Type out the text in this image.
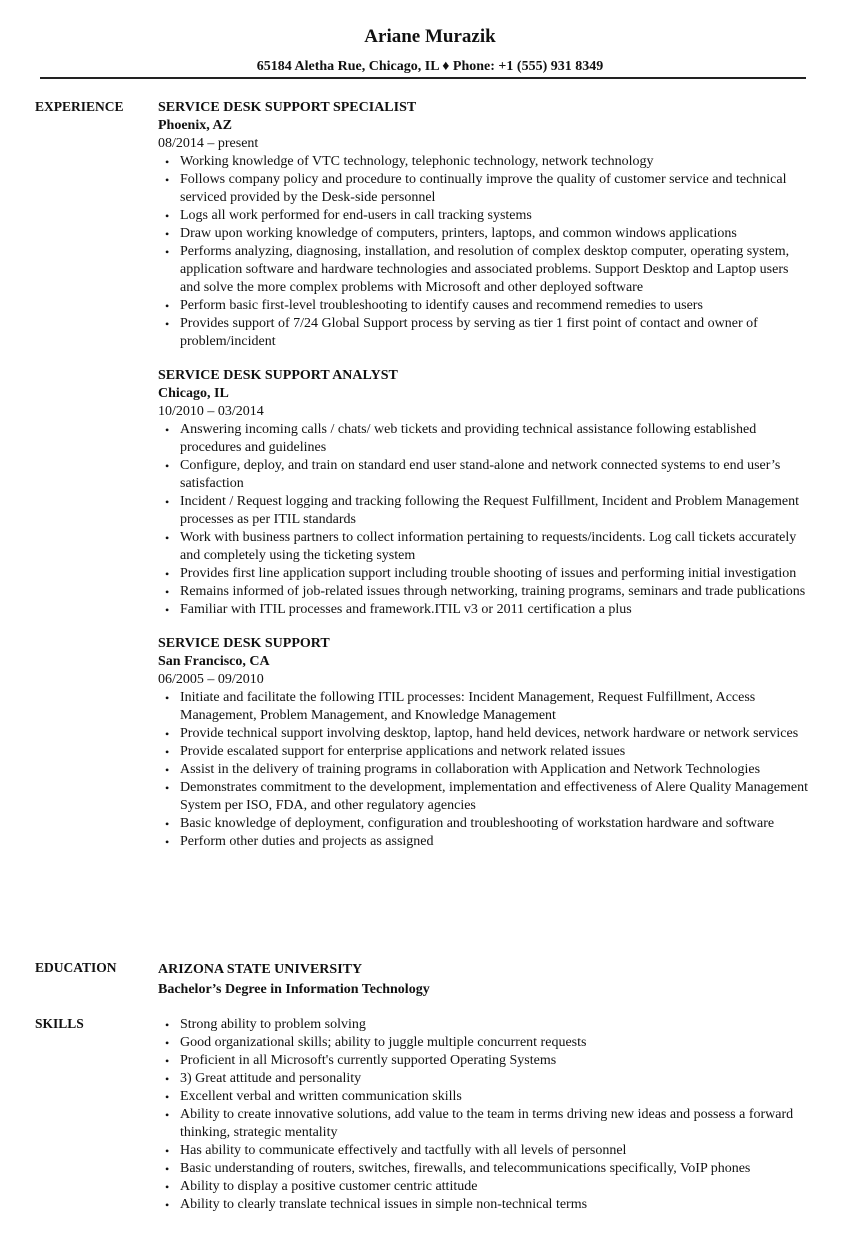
Ariane Murazik
65184 Aletha Rue, Chicago, IL ♦ Phone: +1 (555) 931 8349
EXPERIENCE SERVICE DESK SUPPORT SPECIALIST
Phoenix, AZ
08/2014 – present
• Working knowledge of VTC technology, telephonic technology, network technology
• Follows company policy and procedure to continually improve the quality of customer service and technical serviced provided by the Desk-side personnel
• Logs all work performed for end-users in call tracking systems
• Draw upon working knowledge of computers, printers, laptops, and common windows applications
• Performs analyzing, diagnosing, installation, and resolution of complex desktop computer, operating system, application software and hardware technologies and associated problems. Support Desktop and Laptop users and solve the more complex problems with Microsoft and other deployed software
• Perform basic first-level troubleshooting to identify causes and recommend remedies to users
• Provides support of 7/24 Global Support process by serving as tier 1 first point of contact and owner of problem/incident
SERVICE DESK SUPPORT ANALYST
Chicago, IL
10/2010 – 03/2014
• Answering incoming calls / chats/ web tickets and providing technical assistance following established procedures and guidelines
• Configure, deploy, and train on standard end user stand-alone and network connected systems to end user’s satisfaction
• Incident / Request logging and tracking following the Request Fulfillment, Incident and Problem Management processes as per ITIL standards
• Work with business partners to collect information pertaining to requests/incidents. Log call tickets accurately and completely using the ticketing system
• Provides first line application support including trouble shooting of issues and performing initial investigation
• Remains informed of job-related issues through networking, training programs, seminars and trade publications
• Familiar with ITIL processes and framework.ITIL v3 or 2011 certification a plus
SERVICE DESK SUPPORT
San Francisco, CA
06/2005 – 09/2010
• Initiate and facilitate the following ITIL processes: Incident Management, Request Fulfillment, Access Management, Problem Management, and Knowledge Management
• Provide technical support involving desktop, laptop, hand held devices, network hardware or network services
• Provide escalated support for enterprise applications and network related issues
• Assist in the delivery of training programs in collaboration with Application and Network Technologies
• Demonstrates commitment to the development, implementation and effectiveness of Alere Quality Management System per ISO, FDA, and other regulatory agencies
• Basic knowledge of deployment, configuration and troubleshooting of workstation hardware and software
• Perform other duties and projects as assigned
EDUCATION	ARIZONA STATE UNIVERSITY
Bachelor’s Degree in Information Technology
SKILLS	• Strong ability to problem solving
• Good organizational skills; ability to juggle multiple concurrent requests
• Proficient in all Microsoft's currently supported Operating Systems
• 3) Great attitude and personality
• Excellent verbal and written communication skills
• Ability to create innovative solutions, add value to the team in terms driving new ideas and possess a forward thinking, strategic mentality
• Has ability to communicate effectively and tactfully with all levels of personnel
• Basic understanding of routers, switches, firewalls, and telecommunications specifically, VoIP phones
• Ability to display a positive customer centric attitude
• Ability to clearly translate technical issues in simple non-technical terms
